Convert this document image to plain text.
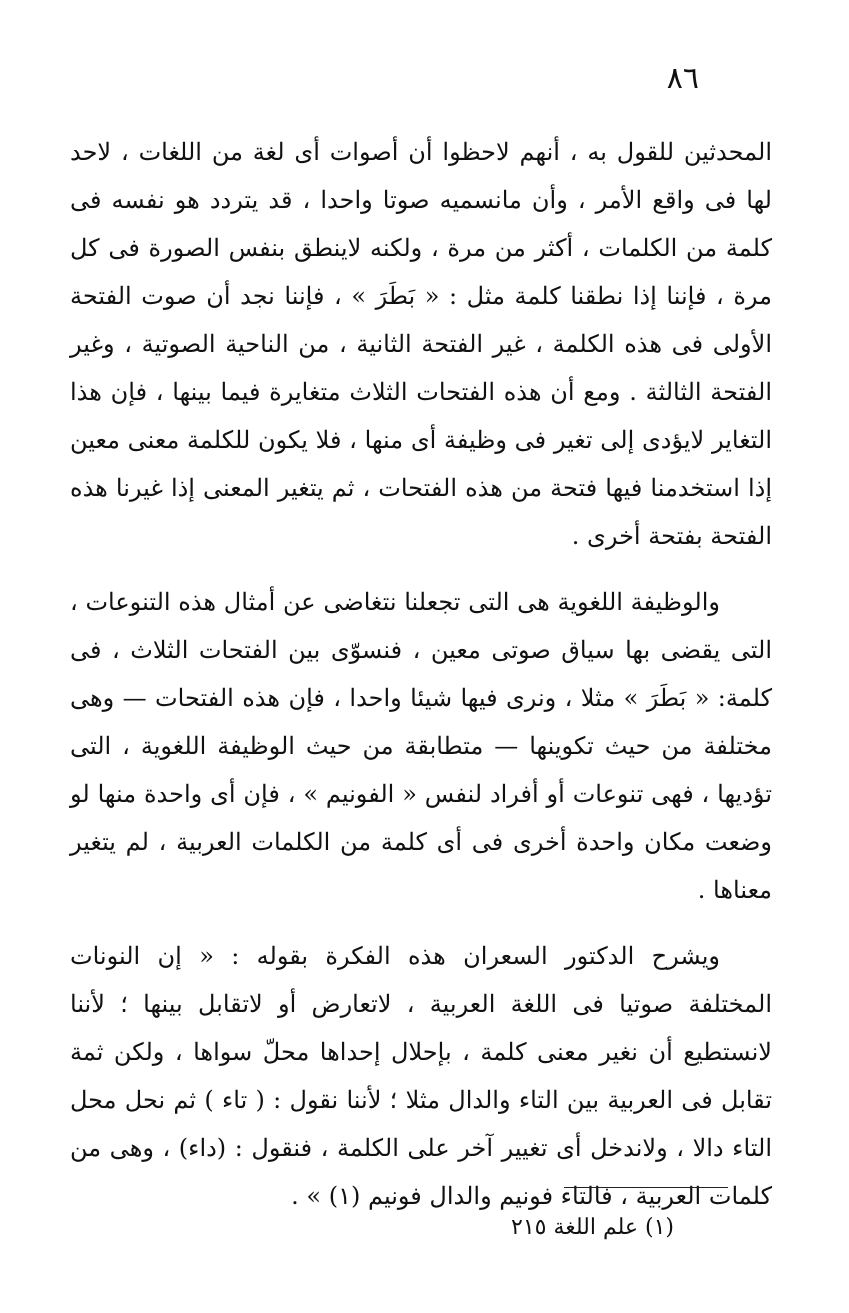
٨٦

المحدثين للقول به ، أنهم لاحظوا أن أصوات أى لغة من اللغات ، لاحد لها فى واقع الأمر ، وأن مانسميه صوتا واحدا ، قد يتردد هو نفسه فى كلمة من الكلمات ، أكثر من مرة ، ولكنه لاينطق بنفس الصورة فى كل مرة ، فإننا إذا نطقنا كلمة مثل : « بَطَرَ » ، فإننا نجد أن صوت الفتحة الأولى فى هذه الكلمة ، غير الفتحة الثانية ، من الناحية الصوتية ، وغير الفتحة الثالثة . ومع أن هذه الفتحات الثلاث متغايرة فيما بينها ، فإن هذا التغاير لايؤدى إلى تغير فى وظيفة أى منها ، فلا يكون للكلمة معنى معين إذا استخدمنا فيها فتحة من هذه الفتحات ، ثم يتغير المعنى إذا غيرنا هذه الفتحة بفتحة أخرى .

والوظيفة اللغوية هى التى تجعلنا نتغاضى عن أمثال هذه التنوعات ، التى يقضى بها سياق صوتى معين ، فنسوّى بين الفتحات الثلاث ، فى كلمة: « بَطَرَ » مثلا ، ونرى فيها شيئا واحدا ، فإن هذه الفتحات — وهى مختلفة من حيث تكوينها — متطابقة من حيث الوظيفة اللغوية ، التى تؤديها ، فهى تنوعات أو أفراد لنفس « الفونيم » ، فإن أى واحدة منها لو وضعت مكان واحدة أخرى فى أى كلمة من الكلمات العربية ، لم يتغير معناها .

ويشرح الدكتور السعران هذه الفكرة بقوله : « إن النونات المختلفة صوتيا فى اللغة العربية ، لاتعارض أو لاتقابل بينها ؛ لأننا لانستطيع أن نغير معنى كلمة ، بإحلال إحداها محلّ سواها ، ولكن ثمة تقابل فى العربية بين التاء والدال مثلا ؛ لأننا نقول : ( تاء ) ثم نحل محل التاء دالا ، ولاندخل أى تغيير آخر على الكلمة ، فنقول : (داء) ، وهى من كلمات العربية ، فالتاء فونيم والدال فونيم (١) » .

(١) علم اللغة ٢١٥
